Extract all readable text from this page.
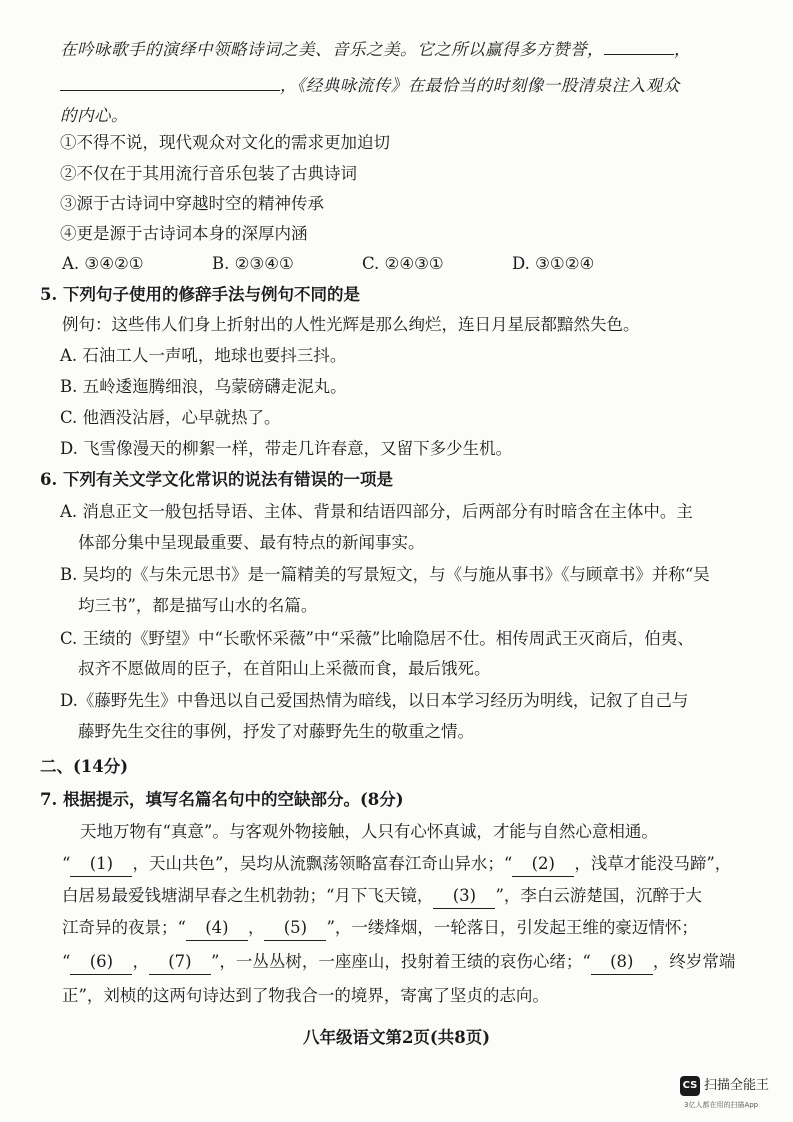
在吟咏歌手的演绎中领略诗词之美、音乐之美。它之所以赢得多方赞誉，	，
，《经典咏流传》在最恰当的时刻像一股清泉注入观众
的内心。
①不得不说，现代观众对文化的需求更加迫切
②不仅在于其用流行音乐包装了古典诗词
③源于古诗词中穿越时空的精神传承
④更是源于古诗词本身的深厚内涵
A. ③④②①	B. ②③④①	C. ②④③①	D. ③①②④
5. 下列句子使用的修辞手法与例句不同的是
例句：这些伟人们身上折射出的人性光辉是那么绚烂，连日月星辰都黯然失色。
A. 石油工人一声吼，地球也要抖三抖。
B. 五岭逶迤腾细浪，乌蒙磅礴走泥丸。
C. 他酒没沾唇，心早就热了。
D. 飞雪像漫天的柳絮一样，带走几许春意，又留下多少生机。
6. 下列有关文学文化常识的说法有错误的一项是
A. 消息正文一般包括导语、主体、背景和结语四部分，后两部分有时暗含在主体中。主
体部分集中呈现最重要、最有特点的新闻事实。
B. 吴均的《与朱元思书》是一篇精美的写景短文，与《与施从事书》《与顾章书》并称“吴
均三书”，都是描写山水的名篇。
C. 王绩的《野望》中“长歌怀采薇”中“采薇”比喻隐居不仕。相传周武王灭商后，伯夷、
叔齐不愿做周的臣子，在首阳山上采薇而食，最后饿死。
D.《藤野先生》中鲁迅以自己爱国热情为暗线，以日本学习经历为明线，记叙了自己与
藤野先生交往的事例，抒发了对藤野先生的敬重之情。
二、(14分)
7. 根据提示，填写名篇名句中的空缺部分。(8分)
天地万物有“真意”。与客观外物接触，人只有心怀真诚，才能与自然心意相通。
“ (1) ，天山共色”，吴均从流飘荡领略富春江奇山异水；“ (2) ，浅草才能没马蹄”，
白居易最爱钱塘湖早春之生机勃勃；“月下飞天镜， (3) ”，李白云游楚国，沉醉于大
江奇异的夜景；“ (4) ， (5) ”，一缕烽烟，一轮落日，引发起王维的豪迈情怀；
“ (6) ， (7) ”，一丛丛树，一座座山，投射着王绩的哀伤心绪；“ (8) ，终岁常端
正”，刘桢的这两句诗达到了物我合一的境界，寄寓了坚贞的志向。
八年级语文第2页(共8页)
CS 扫描全能王
3亿人都在用的扫描App
